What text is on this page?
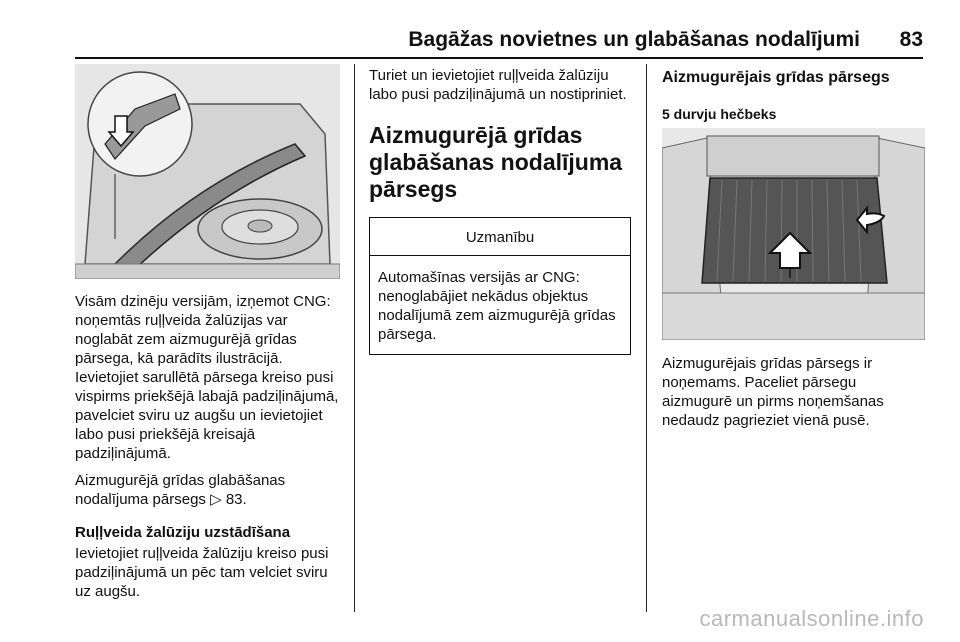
Bagāžas novietnes un glabāšanas nodalījumi 83

Visām dzinēju versijām, izņemot CNG: noņemtās ruļļveida žalūzijas var noglabāt zem aizmugurējā grīdas pārsega, kā parādīts ilustrācijā. Ievietojiet sarullētā pārsega kreiso pusi vispirms priekšējā labajā padziļinājumā, pavelciet sviru uz augšu un ievietojiet labo pusi priekšējā kreisajā padziļinājumā.

Aizmugurējā grīdas glabāšanas nodalījuma pārsegs ▷ 83.

Ruļļveida žalūziju uzstādīšana

Ievietojiet ruļļveida žalūziju kreiso pusi padziļinājumā un pēc tam velciet sviru uz augšu.

Turiet un ievietojiet ruļļveida žalūziju labo pusi padziļinājumā un nostipriniet.

Aizmugurējā grīdas glabāšanas nodalījuma pārsegs
Uzmanību
Automašīnas versijās ar CNG: nenoglabājiet nekādus objektus nodalījumā zem aizmugurējā grīdas pārsega.
Aizmugurējais grīdas pārsegs
5 durvju hečbeks

Aizmugurējais grīdas pārsegs ir noņemams. Paceliet pārsegu aizmugurē un pirms noņemšanas nedaudz pagrieziet vienā pusē.

carmanualsonline.info
